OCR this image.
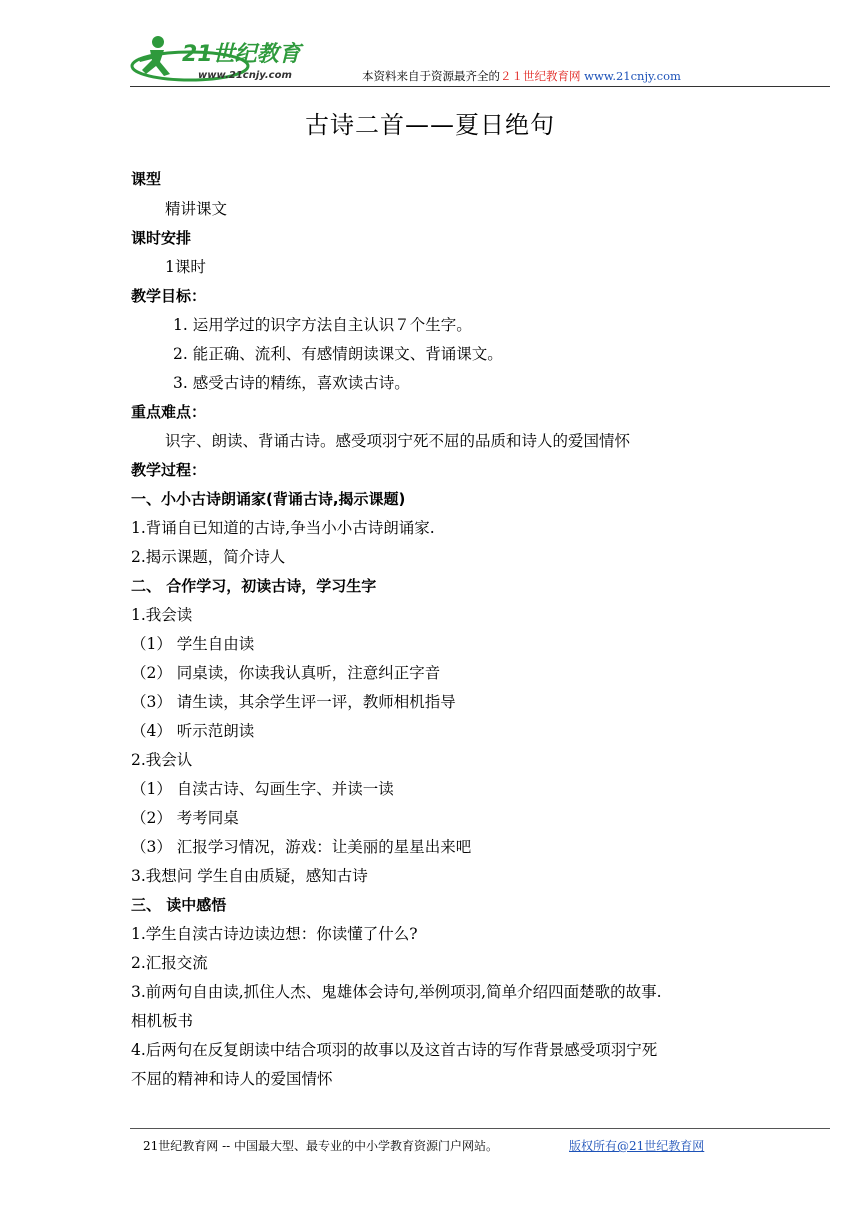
21世纪教育
www.21cnjy.com	本资料来自于资源最齐全的２１世纪教育网 www.21cnjy.com
古诗二首——夏日绝句
课型
精讲课文
课时安排
1课时
教学目标：
1. 运用学过的识字方法自主认识７个生字。
2. 能正确、流利、有感情朗读课文、背诵课文。
3. 感受古诗的精练，喜欢读古诗。
重点难点：
识字、朗读、背诵古诗。感受项羽宁死不屈的品质和诗人的爱国情怀
教学过程：
一、小小古诗朗诵家(背诵古诗,揭示课题)
1.背诵自已知道的古诗,争当小小古诗朗诵家.
2.揭示课题，简介诗人
二、 合作学习，初读古诗，学习生字
1.我会读
（1） 学生自由读
（2） 同桌读，你读我认真听，注意纠正字音
（3） 请生读，其余学生评一评，教师相机指导
（4） 听示范朗读
2.我会认
（1） 自渎古诗、勾画生字、并读一读
（2） 考考同桌
（3） 汇报学习情况，游戏：让美丽的星星出来吧
3.我想问 学生自由质疑，感知古诗
三、 读中感悟
1.学生自渎古诗边读边想：你读懂了什么?
2.汇报交流
3.前两句自由读,抓住人杰、鬼雄体会诗句,举例项羽,简单介绍四面楚歌的故事.
相机板书
4.后两句在反复朗读中结合项羽的故事以及这首古诗的写作背景感受项羽宁死
不屈的精神和诗人的爱国情怀
21世纪教育网 -- 中国最大型、最专业的中小学教育资源门户网站。	版权所有@21世纪教育网
